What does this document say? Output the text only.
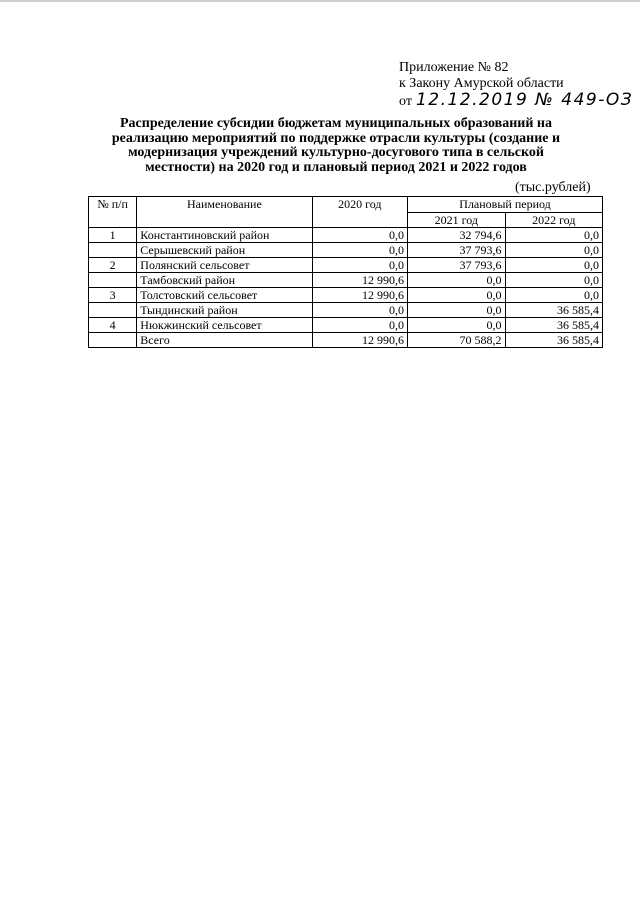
Приложение № 82
к Закону Амурской области
от 12.12.2019 № 449-ОЗ
Распределение субсидии бюджетам муниципальных образований на реализацию мероприятий по поддержке отрасли культуры (создание и модернизация учреждений культурно-досугового типа в сельской местности) на 2020 год и плановый период 2021 и 2022 годов
(тыс.рублей)
№ п/п	Наименование	2020 год	Плановый период	
			2021 год	2022 год
1	Константиновский район	0,0	32 794,6	0,0
	Серышевский район	0,0	37 793,6	0,0
2	Полянский сельсовет	0,0	37 793,6	0,0
	Тамбовский район	12 990,6	0,0	0,0
3	Толстовский сельсовет	12 990,6	0,0	0,0
	Тындинский район	0,0	0,0	36 585,4
4	Нюкжинский сельсовет	0,0	0,0	36 585,4
	Всего	12 990,6	70 588,2	36 585,4
